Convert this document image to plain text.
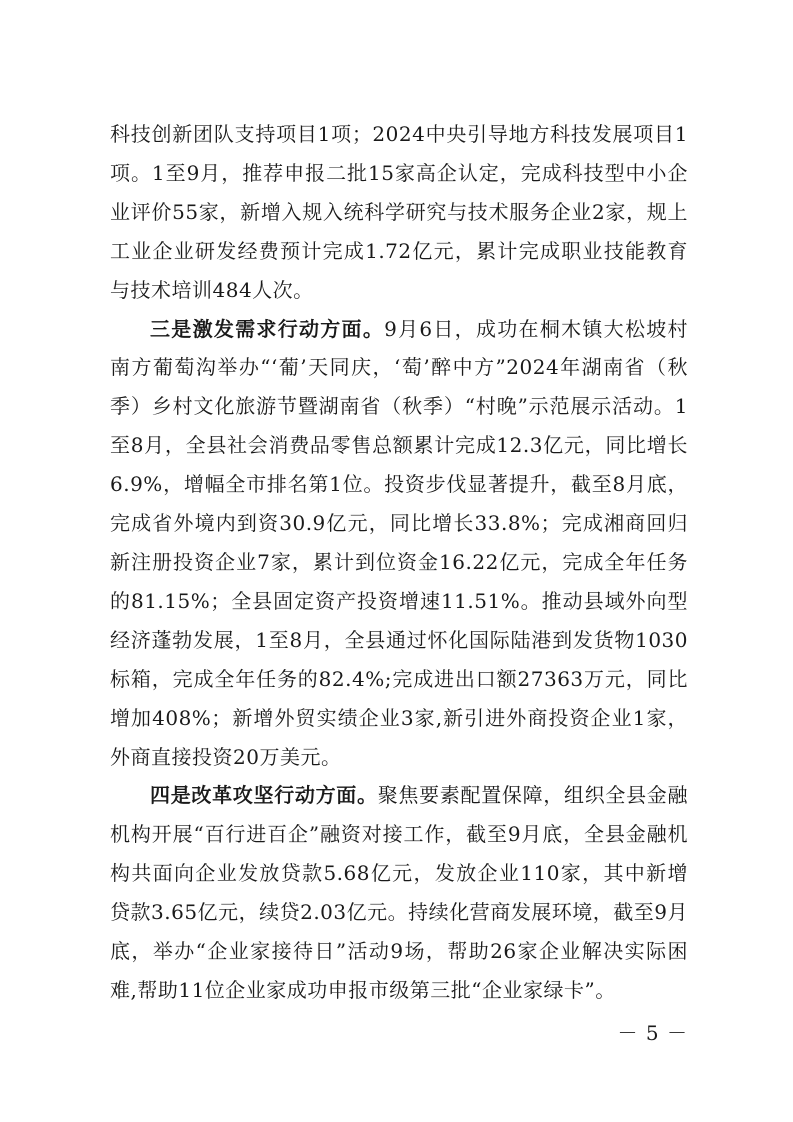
科技创新团队支持项目1项；2024中央引导地方科技发展项目1项。1至9月，推荐申报二批15家高企认定，完成科技型中小企业评价55家，新增入规入统科学研究与技术服务企业2家，规上工业企业研发经费预计完成1.72亿元，累计完成职业技能教育与技术培训484人次。

三是激发需求行动方面。9月6日，成功在桐木镇大松坡村南方葡萄沟举办“‘葡’天同庆，‘萄’醉中方”2024年湖南省（秋季）乡村文化旅游节暨湖南省（秋季）“村晚”示范展示活动。1至8月，全县社会消费品零售总额累计完成12.3亿元，同比增长6.9%，增幅全市排名第1位。投资步伐显著提升，截至8月底，完成省外境内到资30.9亿元，同比增长33.8%；完成湘商回归新注册投资企业7家，累计到位资金16.22亿元，完成全年任务的81.15%；全县固定资产投资增速11.51%。推动县域外向型经济蓬勃发展，1至8月，全县通过怀化国际陆港到发货物1030标箱，完成全年任务的82.4%;完成进出口额27363万元，同比增加408%；新增外贸实绩企业3家,新引进外商投资企业1家，外商直接投资20万美元。

四是改革攻坚行动方面。聚焦要素配置保障，组织全县金融机构开展“百行进百企”融资对接工作，截至9月底，全县金融机构共面向企业发放贷款5.68亿元，发放企业110家，其中新增贷款3.65亿元，续贷2.03亿元。持续化营商发展环境，截至9月底，举办“企业家接待日”活动9场，帮助26家企业解决实际困难,帮助11位企业家成功申报市级第三批“企业家绿卡”。

－ 5 －
